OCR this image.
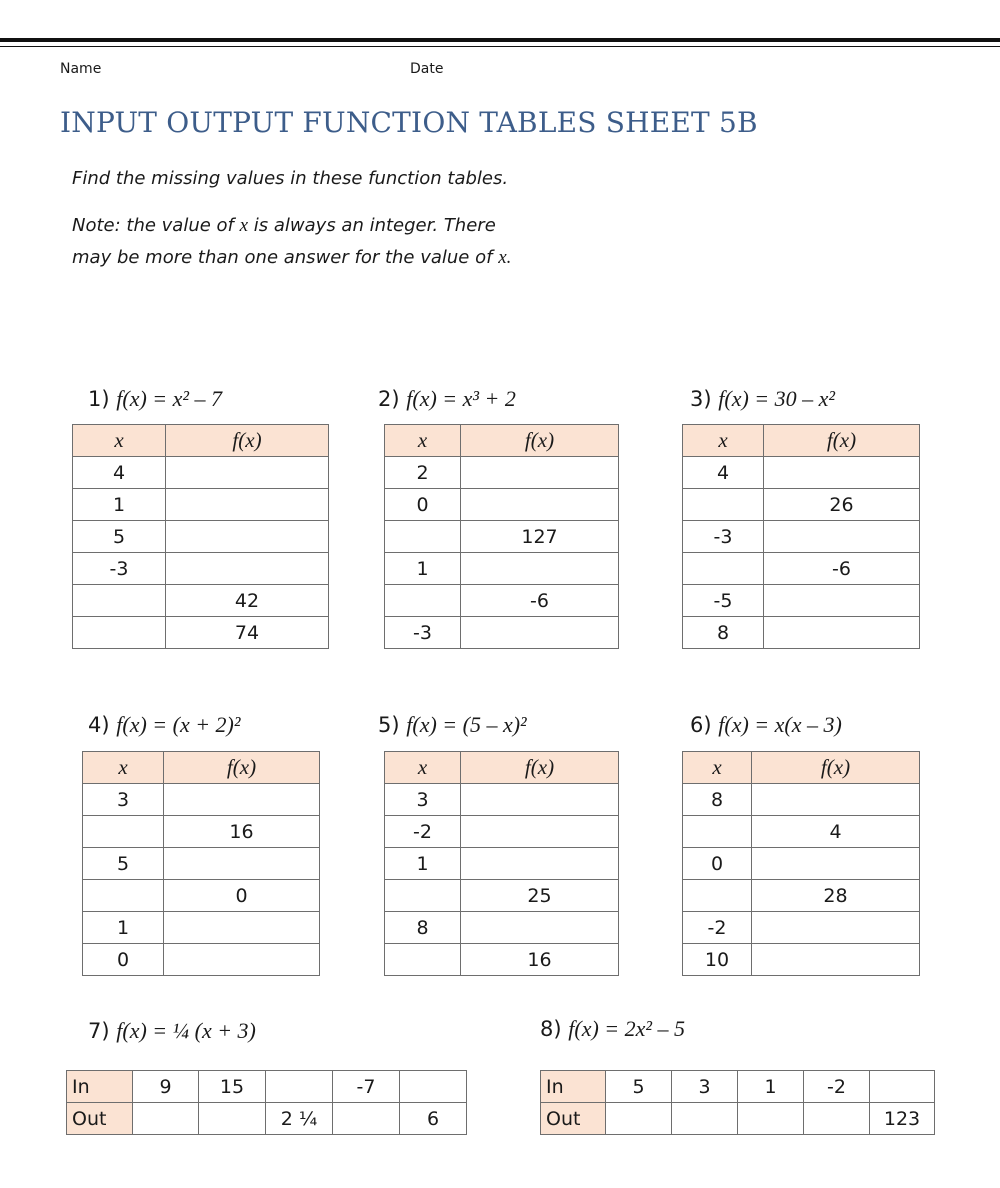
Name	Date
INPUT OUTPUT FUNCTION TABLES SHEET 5B
Find the missing values in these function tables.
Note: the value of x is always an integer. There
may be more than one answer for the value of x.
1) f(x) = x² – 7
x	f(x)
4	
1	
5	
-3	
	42
	74
2) f(x) = x³ + 2
x	f(x)
2	
0	
	127
1	
	-6
-3	
3) f(x) = 30 – x²
x	f(x)
4	
	26
-3	
	-6
-5	
8	
4) f(x) = (x + 2)²
x	f(x)
3	
	16
5	
	0
1	
0	
5) f(x) = (5 – x)²
x	f(x)
3	
-2	
1	
	25
8	
	16
6) f(x) = x(x – 3)
x	f(x)
8	
	4
0	
	28
-2	
10	
7) f(x) = ¼ (x + 3)
In	9	15		-7	
Out			2 ¼		6
8) f(x) = 2x² – 5
In	5	3	1	-2	
Out					123
